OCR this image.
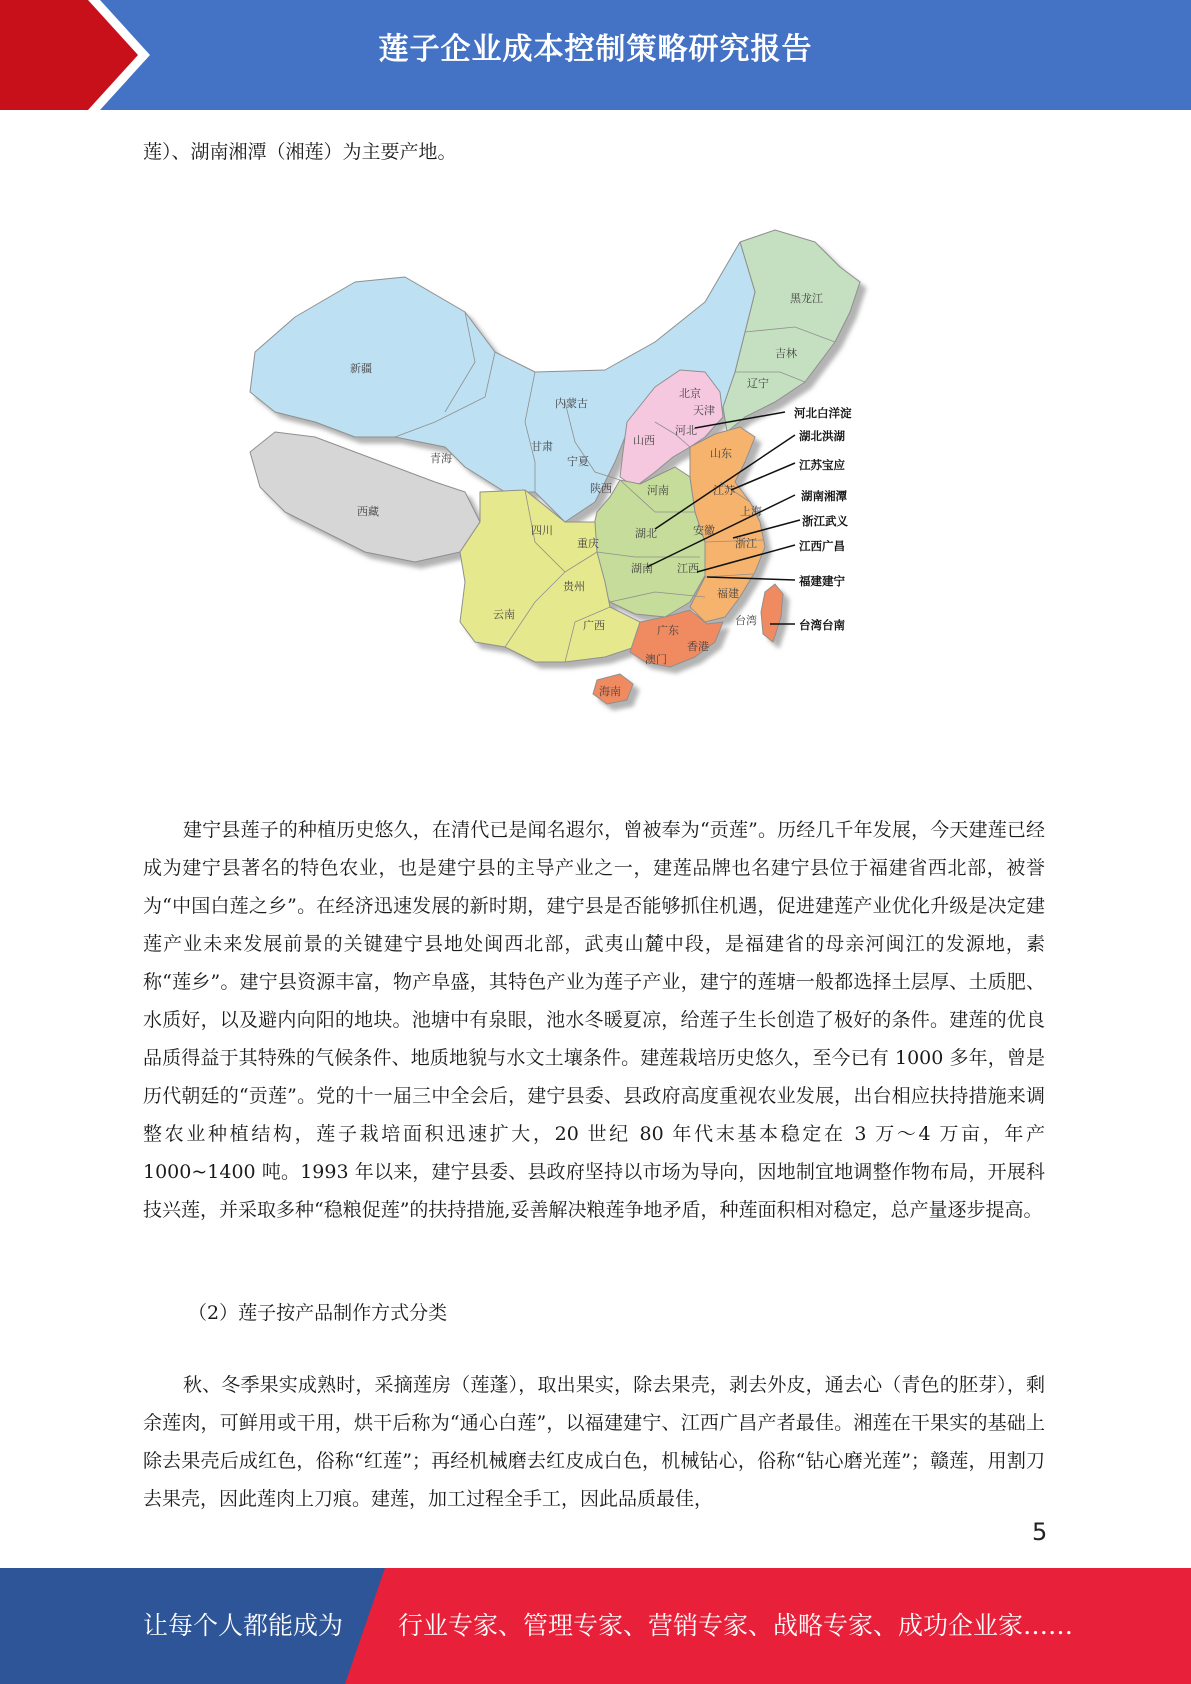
莲子企业成本控制策略研究报告

莲）、湖南湘潭（湘莲）为主要产地。

黑龙江
吉林
辽宁
内蒙古
新疆
北京
天津
河北
山西
甘肃
宁夏
青海	山东
陕西	河南	江苏
西藏
四川	湖北	安徽
上海
重庆	浙江
贵州
湖南 江西
云南
广西
福建
台湾
广东
香港
澳门
海南
河北白洋淀
湖北洪湖
江苏宝应
湖南湘潭
浙江武义
江西广昌
福建建宁
台湾台南

建宁县莲子的种植历史悠久，在清代已是闻名遐尔，曾被奉为“贡莲”。历经几千年发展，今天建莲已经成为建宁县著名的特色农业，也是建宁县的主导产业之一，建莲品牌也名建宁县位于福建省西北部，被誉为“中国白莲之乡”。在经济迅速发展的新时期，建宁县是否能够抓住机遇，促进建莲产业优化升级是决定建莲产业未来发展前景的关键建宁县地处闽西北部，武夷山麓中段，是福建省的母亲河闽江的发源地，素称“莲乡”。建宁县资源丰富，物产阜盛，其特色产业为莲子产业，建宁的莲塘一般都选择土层厚、土质肥、水质好，以及避内向阳的地块。池塘中有泉眼，池水冬暖夏凉，给莲子生长创造了极好的条件。建莲的优良品质得益于其特殊的气候条件、地质地貌与水文土壤条件。建莲栽培历史悠久，至今已有 1000 多年，曾是历代朝廷的“贡莲”。党的十一届三中全会后，建宁县委、县政府高度重视农业发展，出台相应扶持措施来调整农业种植结构，莲子栽培面积迅速扩大，20 世纪 80 年代末基本稳定在 3 万～4 万亩，年产 1000~1400 吨。1993 年以来，建宁县委、县政府坚持以市场为导向，因地制宜地调整作物布局，开展科技兴莲，并采取多种“稳粮促莲”的扶持措施,妥善解决粮莲争地矛盾，种莲面积相对稳定，总产量逐步提高。

（2）莲子按产品制作方式分类

秋、冬季果实成熟时，采摘莲房（莲蓬），取出果实，除去果壳，剥去外皮，通去心（青色的胚芽），剩余莲肉，可鲜用或干用，烘干后称为“通心白莲”，以福建建宁、江西广昌产者最佳。湘莲在干果实的基础上除去果壳后成红色，俗称“红莲”；再经机械磨去红皮成白色，机械钻心，俗称“钻心磨光莲”；赣莲，用割刀去果壳，因此莲肉上刀痕。建莲，加工过程全手工，因此品质最佳，

5
让每个人都能成为 行业专家、管理专家、营销专家、战略专家、成功企业家……
